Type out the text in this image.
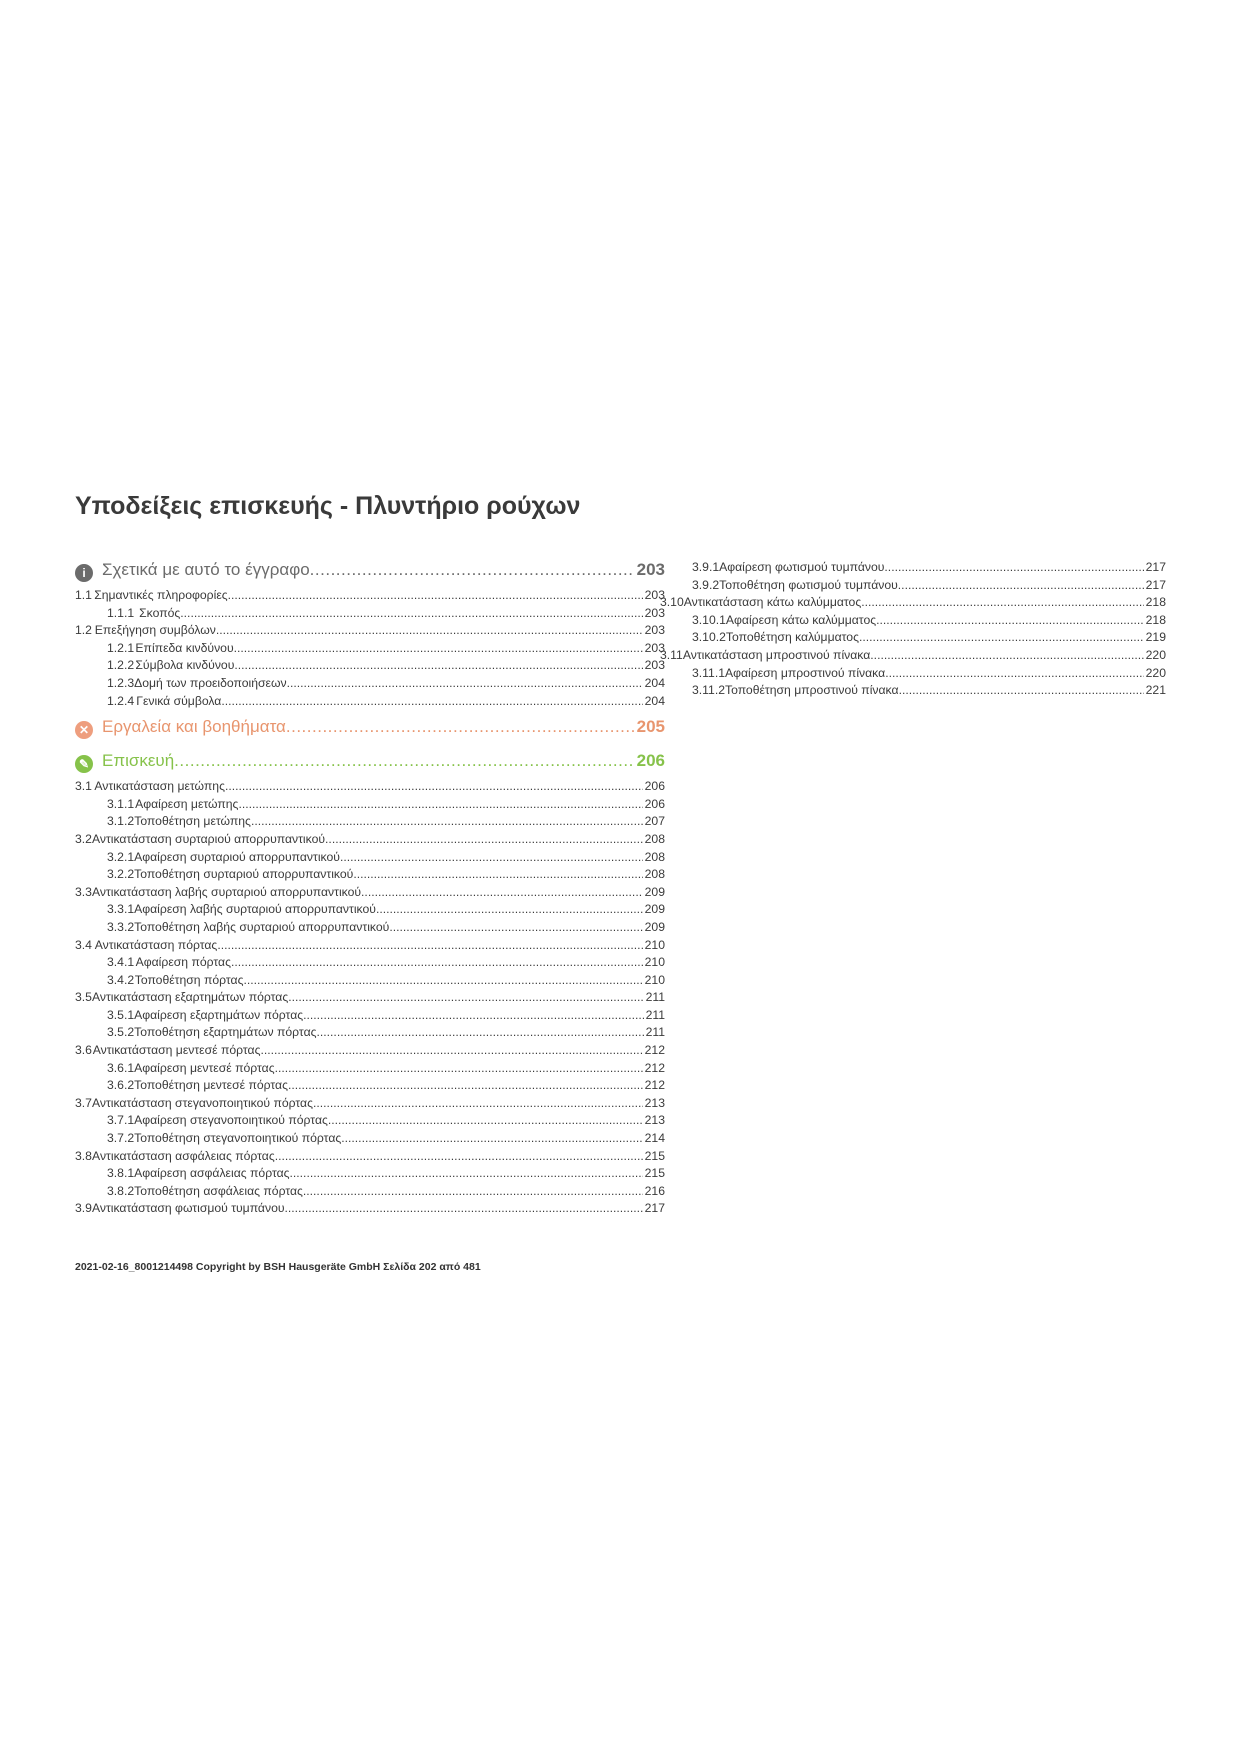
Υποδείξεις επισκευής - Πλυντήριο ρούχων
i Σχετικά με αυτό το έγγραφο .....	203
1.1 Σημαντικές πληροφορίες .....	203
1.1.1 Σκοπός .....	203
1.2 Επεξήγηση συμβόλων .....	203
1.2.1 Επίπεδα κινδύνου .....	203
1.2.2 Σύμβολα κινδύνου .....	203
1.2.3 Δομή των προειδοποιήσεων .....	204
1.2.4 Γενικά σύμβολα .....	204
✕ Εργαλεία και βοηθήματα .....	205
✎ Επισκευή .....	206
3.1 Αντικατάσταση μετώπης .....	206
3.1.1 Αφαίρεση μετώπης .....	206
3.1.2 Τοποθέτηση μετώπης .....	207
3.2 Αντικατάσταση συρταριού απορρυπαντικού .....	208
3.2.1 Αφαίρεση συρταριού απορρυπαντικού .....	208
3.2.2 Τοποθέτηση συρταριού απορρυπαντικού .....	208
3.3 Αντικατάσταση λαβής συρταριού απορρυπαντικού .....	209
3.3.1 Αφαίρεση λαβής συρταριού απορρυπαντικού .....	209
3.3.2 Τοποθέτηση λαβής συρταριού απορρυπαντικού .....	209
3.4 Αντικατάσταση πόρτας .....	210
3.4.1 Αφαίρεση πόρτας .....	210
3.4.2 Τοποθέτηση πόρτας .....	210
3.5 Αντικατάσταση εξαρτημάτων πόρτας .....	211
3.5.1 Αφαίρεση εξαρτημάτων πόρτας .....	211
3.5.2 Τοποθέτηση εξαρτημάτων πόρτας .....	211
3.6 Αντικατάσταση μεντεσέ πόρτας .....	212
3.6.1 Αφαίρεση μεντεσέ πόρτας .....	212
3.6.2 Τοποθέτηση μεντεσέ πόρτας .....	212
3.7 Αντικατάσταση στεγανοποιητικού πόρτας .....	213
3.7.1 Αφαίρεση στεγανοποιητικού πόρτας .....	213
3.7.2 Τοποθέτηση στεγανοποιητικού πόρτας .....	214
3.8 Αντικατάσταση ασφάλειας πόρτας .....	215
3.8.1 Αφαίρεση ασφάλειας πόρτας .....	215
3.8.2 Τοποθέτηση ασφάλειας πόρτας .....	216
3.9 Αντικατάσταση φωτισμού τυμπάνου .....	217
3.9.1 Αφαίρεση φωτισμού τυμπάνου .....	217
3.9.2 Τοποθέτηση φωτισμού τυμπάνου .....	217
3.10 Αντικατάσταση κάτω καλύμματος .....	218
3.10.1 Αφαίρεση κάτω καλύμματος .....	218
3.10.2 Τοποθέτηση καλύμματος .....	219
3.11 Αντικατάσταση μπροστινού πίνακα .....	220
3.11.1 Αφαίρεση μπροστινού πίνακα .....	220
3.11.2 Τοποθέτηση μπροστινού πίνακα .....	221
2021-02-16_8001214498 Copyright by BSH Hausgeräte GmbH Σελίδα 202 από 481
